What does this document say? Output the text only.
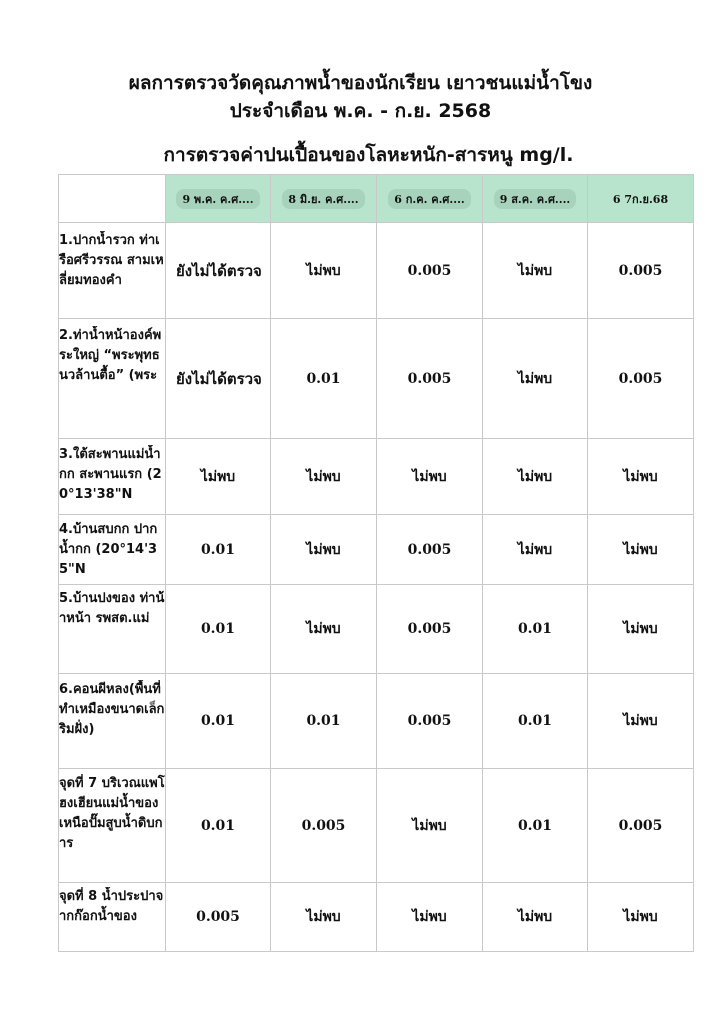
ผลการตรวจวัดคุณภาพน้ำของนักเรียน เยาวชนแม่น้ำโขง
ประจำเดือน พ.ค. - ก.ย. 2568
การตรวจค่าปนเปื้อนของโลหะหนัก-สารหนู mg/l.
	9 พ.ค. ค.ศ....	8 มิ.ย. ค.ศ....	6 ก.ค. ค.ศ....	9 ส.ค. ค.ศ....	6 7ก.ย.68

1.ปากน้ำรวก ท่าเรือศรีวรรณ สามเหลี่ยมทองคำ	ยังไม่ได้ตรวจ	ไม่พบ	0.005	ไม่พบ	0.005

2.ท่าน้ำหน้าองค์พระใหญ่ “พระพุทธนวล้านตื้อ” (พระ	ยังไม่ได้ตรวจ	0.01	0.005	ไม่พบ	0.005

3.ใต้สะพานแม่น้ำกก สะพานแรก (20°13'38"N	ไม่พบ	ไม่พบ	ไม่พบ	ไม่พบ	ไม่พบ

4.บ้านสบกก ปากน้ำกก (20°14'35"N	0.01	ไม่พบ	0.005	ไม่พบ	ไม่พบ

5.บ้านปงของ ท่าน้ำหน้า รพสต.แม่	0.01	ไม่พบ	0.005	0.01	ไม่พบ

6.คอนผีหลง(พื้นที่ทำเหมืองขนาดเล็กริมฝั่ง)	0.01	0.01	0.005	0.01	ไม่พบ

จุดที่ 7 บริเวณแพโฮงเฮียนแม่น้ำของ เหนือปั๊มสูบน้ำดิบการ	0.01	0.005	ไม่พบ	0.01	0.005

จุดที่ 8 น้ำประปาจากก๊อกน้ำของ	0.005	ไม่พบ	ไม่พบ	ไม่พบ	ไม่พบ
